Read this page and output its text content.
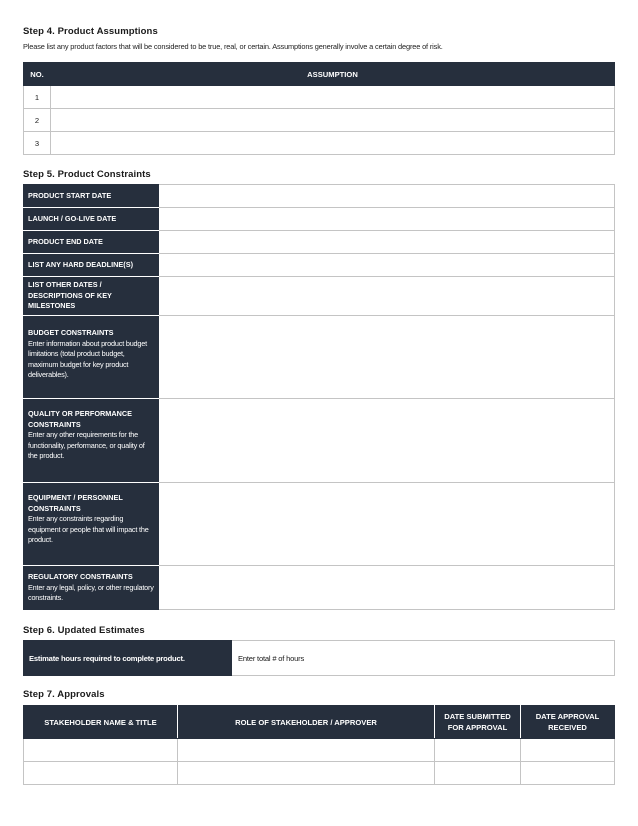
Step 4. Product Assumptions
Please list any product factors that will be considered to be true, real, or certain. Assumptions generally involve a certain degree of risk.
NO.	ASSUMPTION
1	
2	
3	
Step 5. Product Constraints
PRODUCT START DATE	

LAUNCH / GO-LIVE DATE	

PRODUCT END DATE	

LIST ANY HARD DEADLINE(S)	

LIST OTHER DATES / DESCRIPTIONS OF KEY MILESTONES	

BUDGET CONSTRAINTS
Enter information about product budget limitations (total product budget, maximum budget for key product deliverables).	

QUALITY OR PERFORMANCE CONSTRAINTS
Enter any other requirements for the functionality, performance, or quality of the product.	

EQUIPMENT / PERSONNEL CONSTRAINTS
Enter any constraints regarding equipment or people that will impact the product.	

REGULATORY CONSTRAINTS
Enter any legal, policy, or other regulatory constraints.	

Step 6. Updated Estimates
Estimate hours required to complete product.	Enter total # of hours
Step 7. Approvals
STAKEHOLDER NAME & TITLE	ROLE OF STAKEHOLDER / APPROVER	DATE SUBMITTED FOR APPROVAL	DATE APPROVAL RECEIVED
